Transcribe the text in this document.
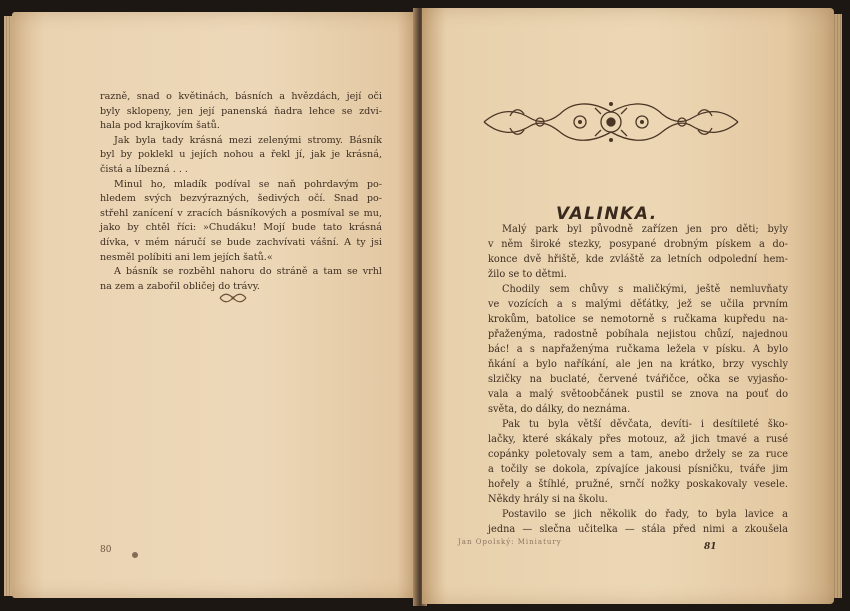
razně, snad o květinách, básních a hvězdách, její oči
byly sklopeny, jen její panenská ňadra lehce se zdvi-
hala pod krajkovím šatů.
Jak byla tady krásná mezi zelenými stromy. Básník
byl by poklekl u jejích nohou a řekl jí, jak je krásná,
čistá a líbezná . . .
Minul ho, mladík podíval se naň pohrdavým po-
hledem svých bezvýrazných, šedivých očí. Snad po-
střehl zanícení v zracích básníkových a posmíval se mu,
jako by chtěl říci: »Chudáku! Mojí bude tato krásná
dívka, v mém náručí se bude zachvívati vášní. A ty jsi
nesměl políbiti ani lem jejích šatů.«
A básník se rozběhl nahoru do stráně a tam se vrhl
na zem a zabořil obličej do trávy.
80
VALINKA.
Malý park byl původně zařízen jen pro děti; byly
v něm široké stezky, posypané drobným pískem a do-
konce dvě hřiště, kde zvláště za letních odpolední hem-
žilo se to dětmi.
Chodily sem chůvy s maličkými, ještě nemluvňaty
ve vozících a s malými děťátky, jež se učila prvním
krokům, batolice se nemotorně s ručkama kupředu na-
přaženýma, radostně pobíhala nejistou chůzí, najednou
bác! a s napřaženýma ručkama ležela v písku. A bylo
ňkání a bylo naříkání, ale jen na krátko, brzy vyschly
slzičky na buclaté, červené tvářičce, očka se vyjasňo-
vala a malý světoobčánek pustil se znova na pouť do
světa, do dálky, do neznáma.
Pak tu byla větší děvčata, devíti- i desítileté ško-
lačky, které skákaly přes motouz, až jich tmavé a rusé
copánky poletovaly sem a tam, anebo držely se za ruce
a točily se dokola, zpívajíce jakousi písničku, tváře jim
hořely a štíhlé, pružné, srnčí nožky poskakovaly vesele.
Někdy hrály si na školu.
Postavilo se jich několik do řady, to byla lavice a
jedna — slečna učitelka — stála před nimi a zkoušela
Jan Opolský: Miniatury	81
